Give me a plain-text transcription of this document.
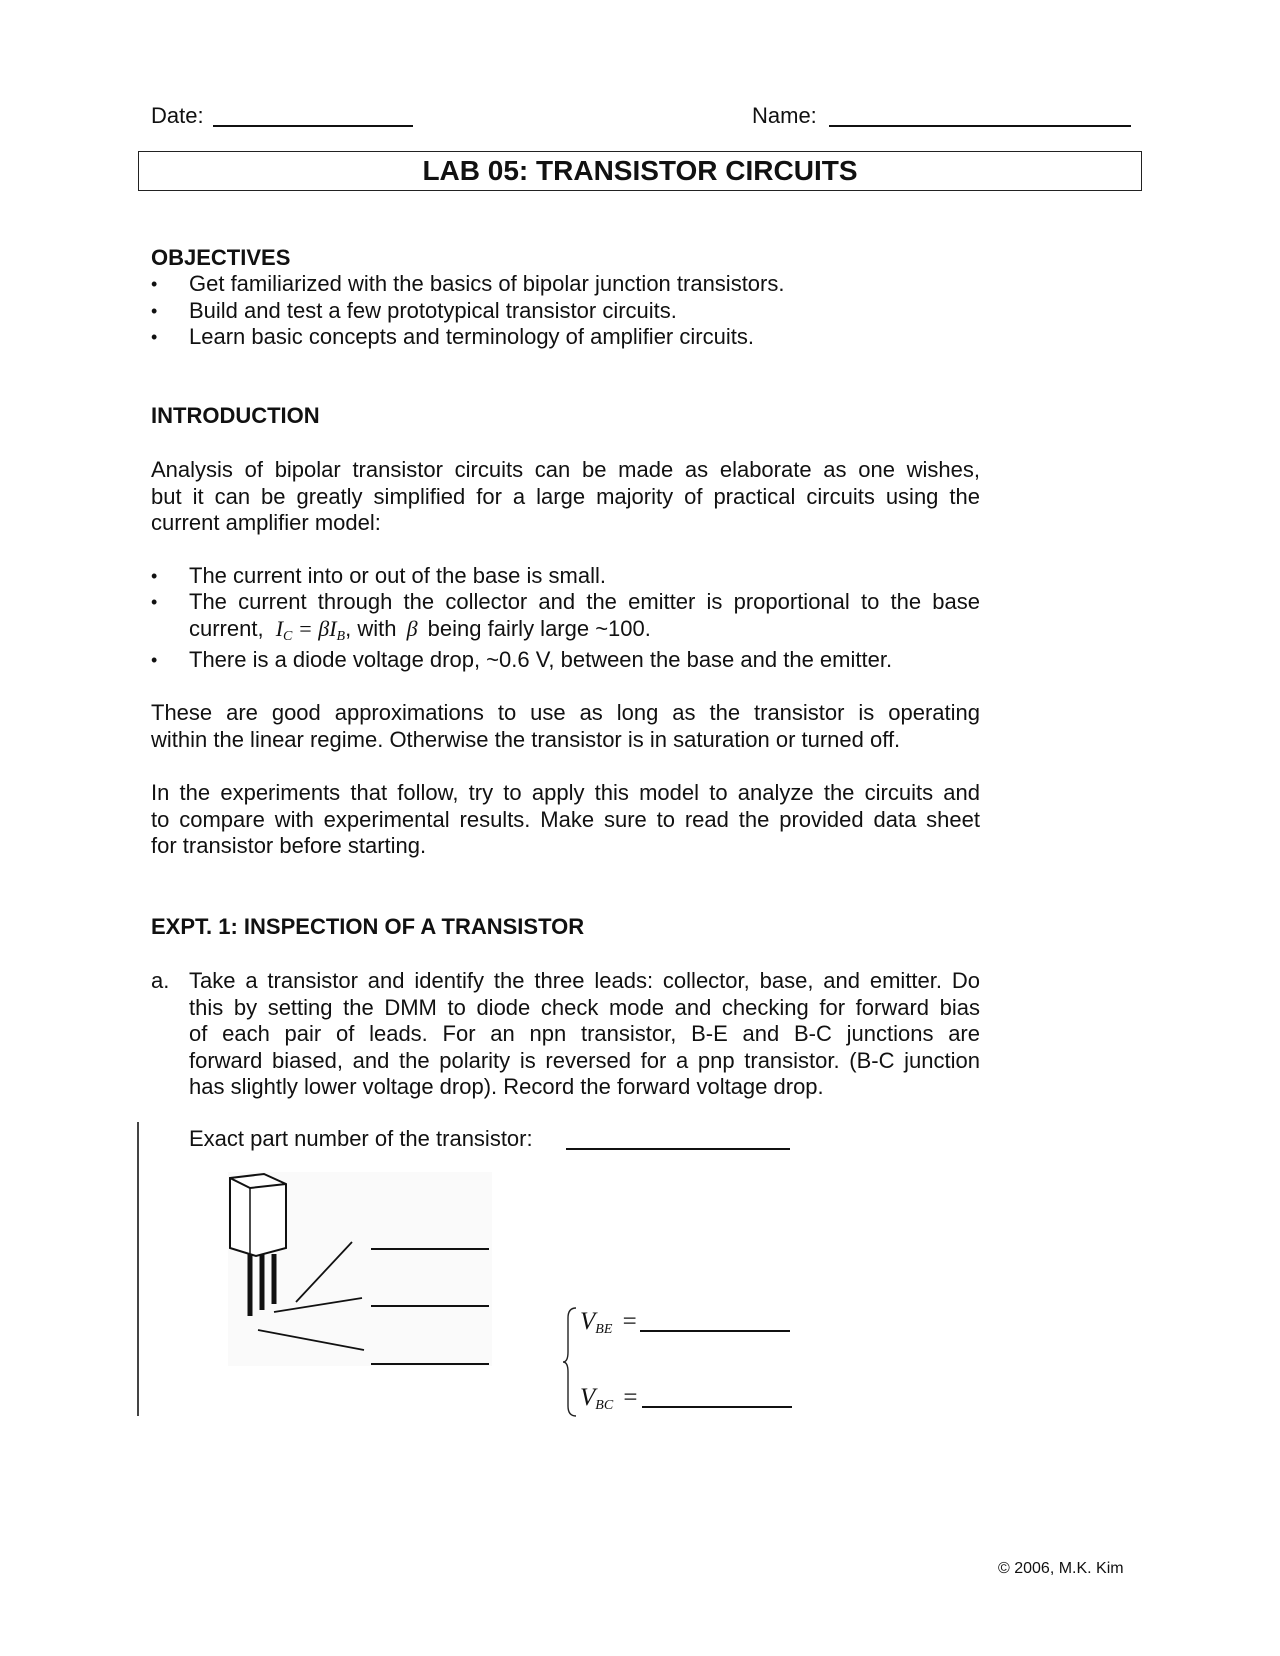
Date:	Name:
LAB 05: TRANSISTOR CIRCUITS
OBJECTIVES
• Get familiarized with the basics of bipolar junction transistors.
• Build and test a few prototypical transistor circuits.
• Learn basic concepts and terminology of amplifier circuits.
INTRODUCTION
Analysis of bipolar transistor circuits can be made as elaborate as one wishes,
but it can be greatly simplified for a large majority of practical circuits using the
current amplifier model:
• The current into or out of the base is small.
• The current through the collector and the emitter is proportional to the base
current, $I_C = \beta I_B$, with β being fairly large ~100.
• There is a diode voltage drop, ~0.6 V, between the base and the emitter.
These are good approximations to use as long as the transistor is operating
within the linear regime. Otherwise the transistor is in saturation or turned off.
In the experiments that follow, try to apply this model to analyze the circuits and
to compare with experimental results. Make sure to read the provided data sheet
for transistor before starting.
EXPT. 1: INSPECTION OF A TRANSISTOR
a. Take a transistor and identify the three leads: collector, base, and emitter. Do
this by setting the DMM to diode check mode and checking for forward bias
of each pair of leads. For an npn transistor, B-E and B-C junctions are
forward biased, and the polarity is reversed for a pnp transistor. (B-C junction
has slightly lower voltage drop). Record the forward voltage drop.
Exact part number of the transistor:
$V_{BE}$ =
$V_{BC}$ =
© 2006, M.K. Kim
